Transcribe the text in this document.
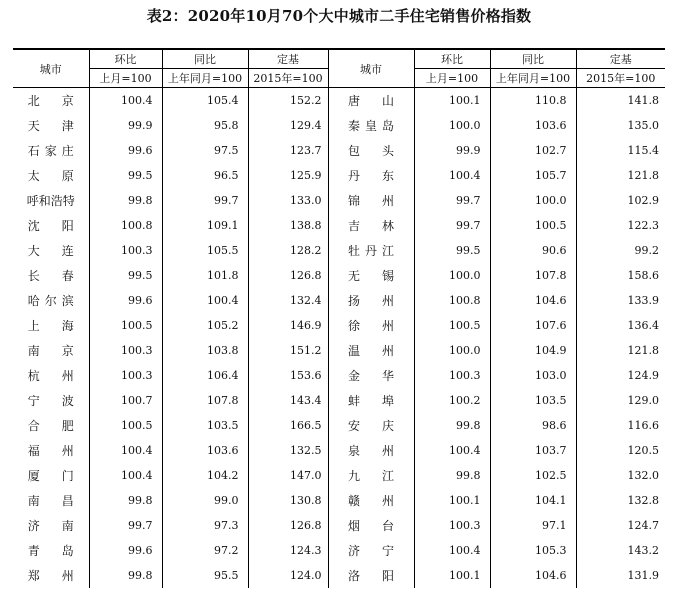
表2：2020年10月70个大中城市二手住宅销售价格指数
城市	环比	同比	定基	城市	环比	同比	定基
	上月=100	上年同月=100	2015年=100		上月=100	上年同月=100	2015年=100
北　京	100.4	105.4	152.2	唐　山	100.1	110.8	141.8
天　津	99.9	95.8	129.4	秦皇岛	100.0	103.6	135.0
石家庄	99.6	97.5	123.7	包　头	99.9	102.7	115.4
太　原	99.5	96.5	125.9	丹　东	100.4	105.7	121.8
呼和浩特	99.8	99.7	133.0	锦　州	99.7	100.0	102.9
沈　阳	100.8	109.1	138.8	吉　林	99.7	100.5	122.3
大　连	100.3	105.5	128.2	牡丹江	99.5	90.6	99.2
长　春	99.5	101.8	126.8	无　锡	100.0	107.8	158.6
哈尔滨	99.6	100.4	132.4	扬　州	100.8	104.6	133.9
上　海	100.5	105.2	146.9	徐　州	100.5	107.6	136.4
南　京	100.3	103.8	151.2	温　州	100.0	104.9	121.8
杭　州	100.3	106.4	153.6	金　华	100.3	103.0	124.9
宁　波	100.7	107.8	143.4	蚌　埠	100.2	103.5	129.0
合　肥	100.5	103.5	166.5	安　庆	99.8	98.6	116.6
福　州	100.4	103.6	132.5	泉　州	100.4	103.7	120.5
厦　门	100.4	104.2	147.0	九　江	99.8	102.5	132.0
南　昌	99.8	99.0	130.8	赣　州	100.1	104.1	132.8
济　南	99.7	97.3	126.8	烟　台	100.3	97.1	124.7
青　岛	99.6	97.2	124.3	济　宁	100.4	105.3	143.2
郑　州	99.8	95.5	124.0	洛　阳	100.1	104.6	131.9
